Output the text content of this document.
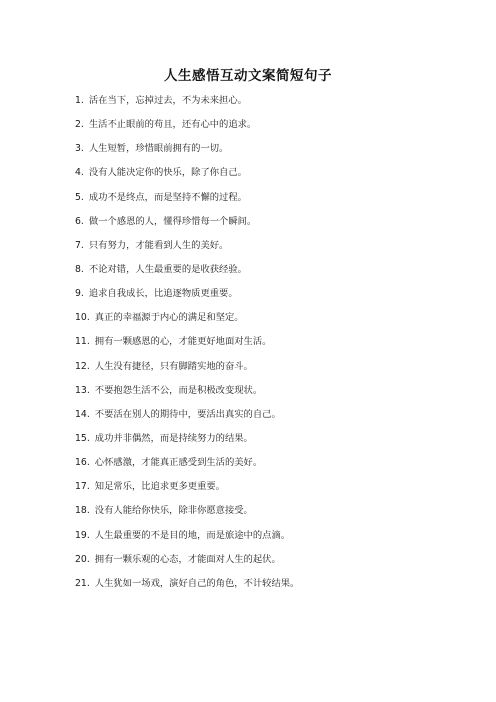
人生感悟互动文案简短句子
1. 活在当下，忘掉过去，不为未来担心。
2. 生活不止眼前的苟且，还有心中的追求。
3. 人生短暂，珍惜眼前拥有的一切。
4. 没有人能决定你的快乐，除了你自己。
5. 成功不是终点，而是坚持不懈的过程。
6. 做一个感恩的人，懂得珍惜每一个瞬间。
7. 只有努力，才能看到人生的美好。
8. 不论对错，人生最重要的是收获经验。
9. 追求自我成长，比追逐物质更重要。
10. 真正的幸福源于内心的满足和坚定。
11. 拥有一颗感恩的心，才能更好地面对生活。
12. 人生没有捷径，只有脚踏实地的奋斗。
13. 不要抱怨生活不公，而是积极改变现状。
14. 不要活在别人的期待中，要活出真实的自己。
15. 成功并非偶然，而是持续努力的结果。
16. 心怀感激，才能真正感受到生活的美好。
17. 知足常乐，比追求更多更重要。
18. 没有人能给你快乐，除非你愿意接受。
19. 人生最重要的不是目的地，而是旅途中的点滴。
20. 拥有一颗乐观的心态，才能面对人生的起伏。
21. 人生犹如一场戏，演好自己的角色，不计较结果。
